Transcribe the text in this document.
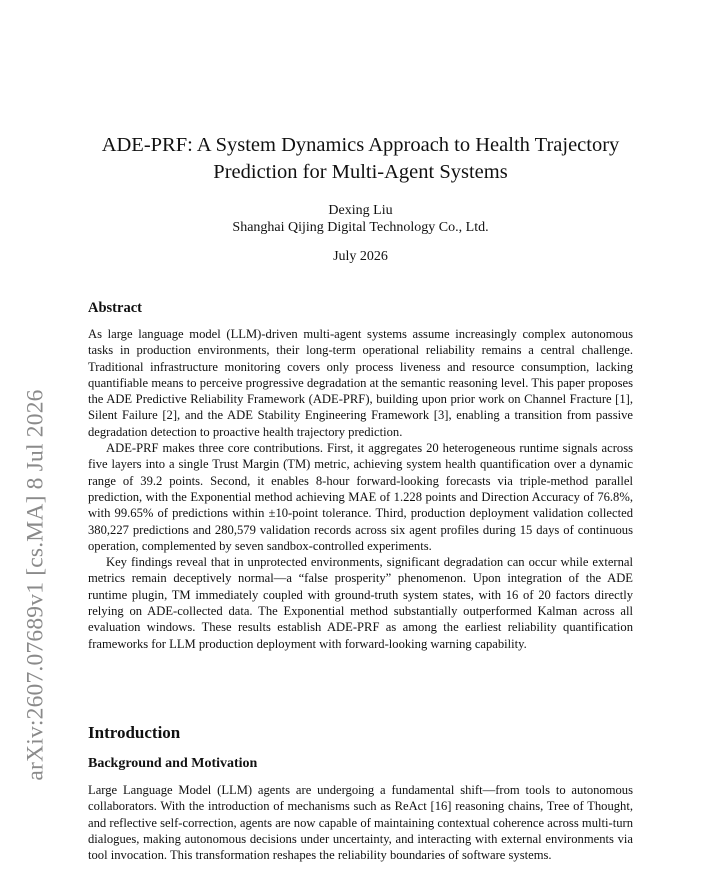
arXiv:2607.07689v1 [cs.MA] 8 Jul 2026
ADE-PRF: A System Dynamics Approach to Health Trajectory Prediction for Multi-Agent Systems

Dexing Liu

Shanghai Qijing Digital Technology Co., Ltd.

July 2026

Abstract

As large language model (LLM)-driven multi-agent systems assume increasingly complex autonomous tasks in production environments, their long-term operational reliability remains a central challenge. Traditional infrastructure monitoring covers only process liveness and resource consumption, lacking quantifiable means to perceive progressive degradation at the semantic reasoning level. This paper proposes the ADE Predictive Reliability Framework (ADE-PRF), building upon prior work on Channel Fracture [1], Silent Failure [2], and the ADE Stability Engineering Framework [3], enabling a transition from passive degradation detection to proactive health trajectory prediction.

ADE-PRF makes three core contributions. First, it aggregates 20 heterogeneous runtime signals across five layers into a single Trust Margin (TM) metric, achieving system health quantification over a dynamic range of 39.2 points. Second, it enables 8-hour forward-looking forecasts via triple-method parallel prediction, with the Exponential method achieving MAE of 1.228 points and Direction Accuracy of 76.8%, with 99.65% of predictions within ±10-point tolerance. Third, production deployment validation collected 380,227 predictions and 280,579 validation records across six agent profiles during 15 days of continuous operation, complemented by seven sandbox-controlled experiments.

Key findings reveal that in unprotected environments, significant degradation can occur while external metrics remain deceptively normal—a “false prosperity” phenomenon. Upon integration of the ADE runtime plugin, TM immediately coupled with ground-truth system states, with 16 of 20 factors directly relying on ADE-collected data. The Exponential method substantially outperformed Kalman across all evaluation windows. These results establish ADE-PRF as among the earliest reliability quantification frameworks for LLM production deployment with forward-looking warning capability.

Introduction
Background and Motivation

Large Language Model (LLM) agents are undergoing a fundamental shift—from tools to autonomous collaborators. With the introduction of mechanisms such as ReAct [16] reasoning chains, Tree of Thought, and reflective self-correction, agents are now capable of maintaining contextual coherence across multi-turn dialogues, making autonomous decisions under uncertainty, and interacting with external environments via tool invocation. This transformation reshapes the reliability boundaries of software systems.
